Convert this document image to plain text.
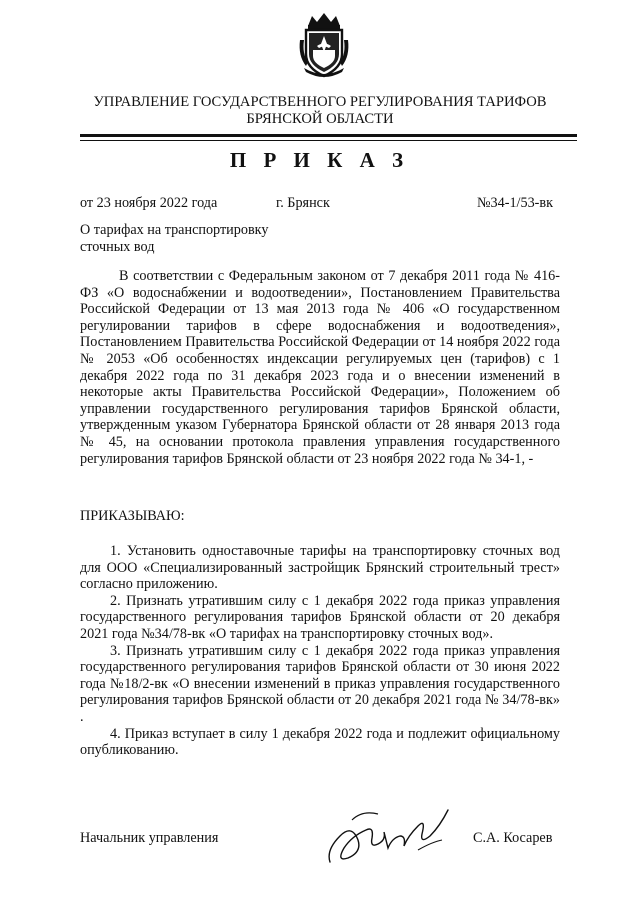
УПРАВЛЕНИЕ ГОСУДАРСТВЕННОГО РЕГУЛИРОВАНИЯ ТАРИФОВ
БРЯНСКОЙ ОБЛАСТИ
П Р И К А З
от 23 ноября 2022 года	г. Брянск	№34-1/53-вк
О тарифах на транспортировку
сточных вод

В соответствии с Федеральным законом от 7 декабря 2011 года № 416-ФЗ «О водоснабжении и водоотведении», Постановлением Правительства Российской Федерации от 13 мая 2013 года № 406 «О государственном регулировании тарифов в сфере водоснабжения и водоотведения», Постановлением Правительства Российской Федерации от 14 ноября 2022 года № 2053 «Об особенностях индексации регулируемых цен (тарифов) с 1 декабря 2022 года по 31 декабря 2023 года и о внесении изменений в некоторые акты Правительства Российской Федерации», Положением об управлении государственного регулирования тарифов Брянской области, утвержденным указом Губернатора Брянской области от 28 января 2013 года № 45, на основании протокола правления управления государственного регулирования тарифов Брянской области от 23 ноября 2022 года № 34-1, -

ПРИКАЗЫВАЮ:
1. Установить одноставочные тарифы на транспортировку сточных вод для ООО «Специализированный застройщик Брянский строительный трест» согласно приложению.
2. Признать утратившим силу с 1 декабря 2022 года приказ управления государственного регулирования тарифов Брянской области от 20 декабря 2021 года №34/78-вк «О тарифах на транспортировку сточных вод».
3. Признать утратившим силу с 1 декабря 2022 года приказ управления государственного регулирования тарифов Брянской области от 30 июня 2022 года №18/2-вк «О внесении изменений в приказ управления государственного регулирования тарифов Брянской области от 20 декабря 2021 года № 34/78-вк» .
4. Приказ вступает в силу 1 декабря 2022 года и подлежит официальному опубликованию.
Начальник управления	С.А. Косарев
